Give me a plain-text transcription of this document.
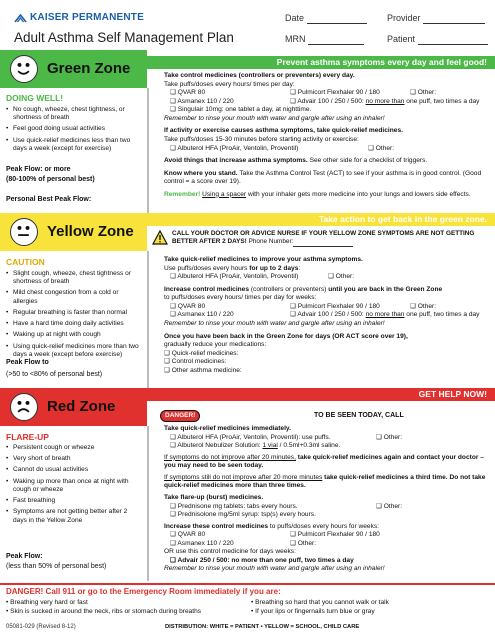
KAISER PERMANENTE
Adult Asthma Self Management Plan
Date	Provider
MRN	Patient
Green Zone	Prevent asthma symptoms every day and feel good!
DOING WELL!
• No cough, wheeze, chest tightness, or shortness of breath
• Feel good doing usual activities
• Use quick-relief medicines less than two days a week (except for exercise)
Peak Flow: or more
(80-100% of personal best)
Personal Best Peak Flow:
Take control medicines (controllers or preventers) every day.
Take puffs/doses every hours/ times per day:
❑ QVAR 80	❑ Pulmicort Flexhaler 90 / 180	❑ Other:
❑ Asmanex 110 / 220	❑ Advair 100 / 250 / 500: no more than one puff, two times a day
❑ Singulair 10mg: one tablet a day, at nighttime.
Remember to rinse your mouth with water and gargle after using an inhaler!
If activity or exercise causes asthma symptoms, take quick-relief medicines.
Take puffs/doses 15-30 minutes before starting activity or exercise:
❑ Albuterol HFA (ProAir, Ventolin, Proventil)	❑ Other:
Avoid things that increase asthma symptoms. See other side for a checklist of triggers.
Know where you stand. Take the Asthma Control Test (ACT) to see if your asthma is in good control. (Good control = a score over 19).
Remember! Using a spacer with your inhaler gets more medicine into your lungs and lowers side effects.
Yellow Zone
Take action to get back in the green zone.
CAUTION
• Slight cough, wheeze, chest tightness or shortness of breath
• Mild chest congestion from a cold or allergies
• Regular breathing is faster than normal
• Have a hard time doing daily activities
• Waking up at night with cough
• Using quick-relief medicines more than two days a week (except before exercise)
Peak Flow to
(>50 to <80% of personal best)
CALL YOUR DOCTOR OR ADVICE NURSE IF YOUR YELLOW ZONE SYMPTOMS ARE NOT GETTING BETTER AFTER 2 DAYS! Phone Number:
Take quick-relief medicines to improve your asthma symptoms.
Use puffs/doses every hours for up to 2 days:
❑ Albuterol HFA (ProAir, Ventolin, Proventil)	❑ Other:
Increase control medicines (controllers or preventers) until you are back in the Green Zone
to puffs/doses every hours/ times per day for weeks:
❑ QVAR 80	❑ Pulmicort Flexhaler 90 / 180	❑ Other:
❑ Asmanex 110 / 220	❑ Advair 100 / 250 / 500: no more than one puff, two times a day
Remember to rinse your mouth with water and gargle after using an inhaler!
Once you have been back in the Green Zone for days (OR ACT score over 19),
gradually reduce your medications:
❑ Quick-relief medicines:
❑ Control medicines:
❑ Other asthma medicine:
Red Zone
GET HELP NOW!
FLARE-UP
• Persistent cough or wheeze
• Very short of breath
• Cannot do usual activities
• Waking up more than once at night with cough or wheeze
• Fast breathing
• Symptoms are not getting better after 2 days in the Yellow Zone
Peak Flow:
(less than 50% of personal best)
DANGER!	TO BE SEEN TODAY, CALL
Take quick-relief medicines immediately.
❑ Albuterol HFA (ProAir, Ventolin, Proventil): use puffs.	❑ Other:
❑ Albuterol Nebulizer Solution: 1 vial / 0.5ml+0.3ml saline.
If symptoms do not improve after 20 minutes, take quick-relief medicines again and contact your doctor – you may need to be seen today.
If symptoms still do not improve after 20 more minutes take quick-relief medicines a third time. Do not take quick-relief medicines more than three times.
Take flare-up (burst) medicines.
❑ Prednisone mg tablets: tabs every hours.	❑ Other:
❑ Prednisolone mg/5ml syrup: tsp(s) every hours.
Increase these control medicines to puffs/doses every hours for weeks:
❑ QVAR 80	❑ Pulmicort Flexhaler 90 / 180
❑ Asmanex 110 / 220	❑ Other:
OR use this control medicine for days weeks:
❑ Advair 250 / 500: no more than one puff, two times a day
Remember to rinse your mouth with water and gargle after using an inhaler!
DANGER! Call 911 or go to the Emergency Room immediately if you are:
• Breathing very hard or fast	• Breathing so hard that you cannot walk or talk
• Skin is sucked in around the neck, ribs or stomach during breaths	• If your lips or fingernails turn blue or gray
05081-029 (Revised 8-12)	DISTRIBUTION: WHITE = PATIENT • YELLOW = SCHOOL, CHILD CARE
